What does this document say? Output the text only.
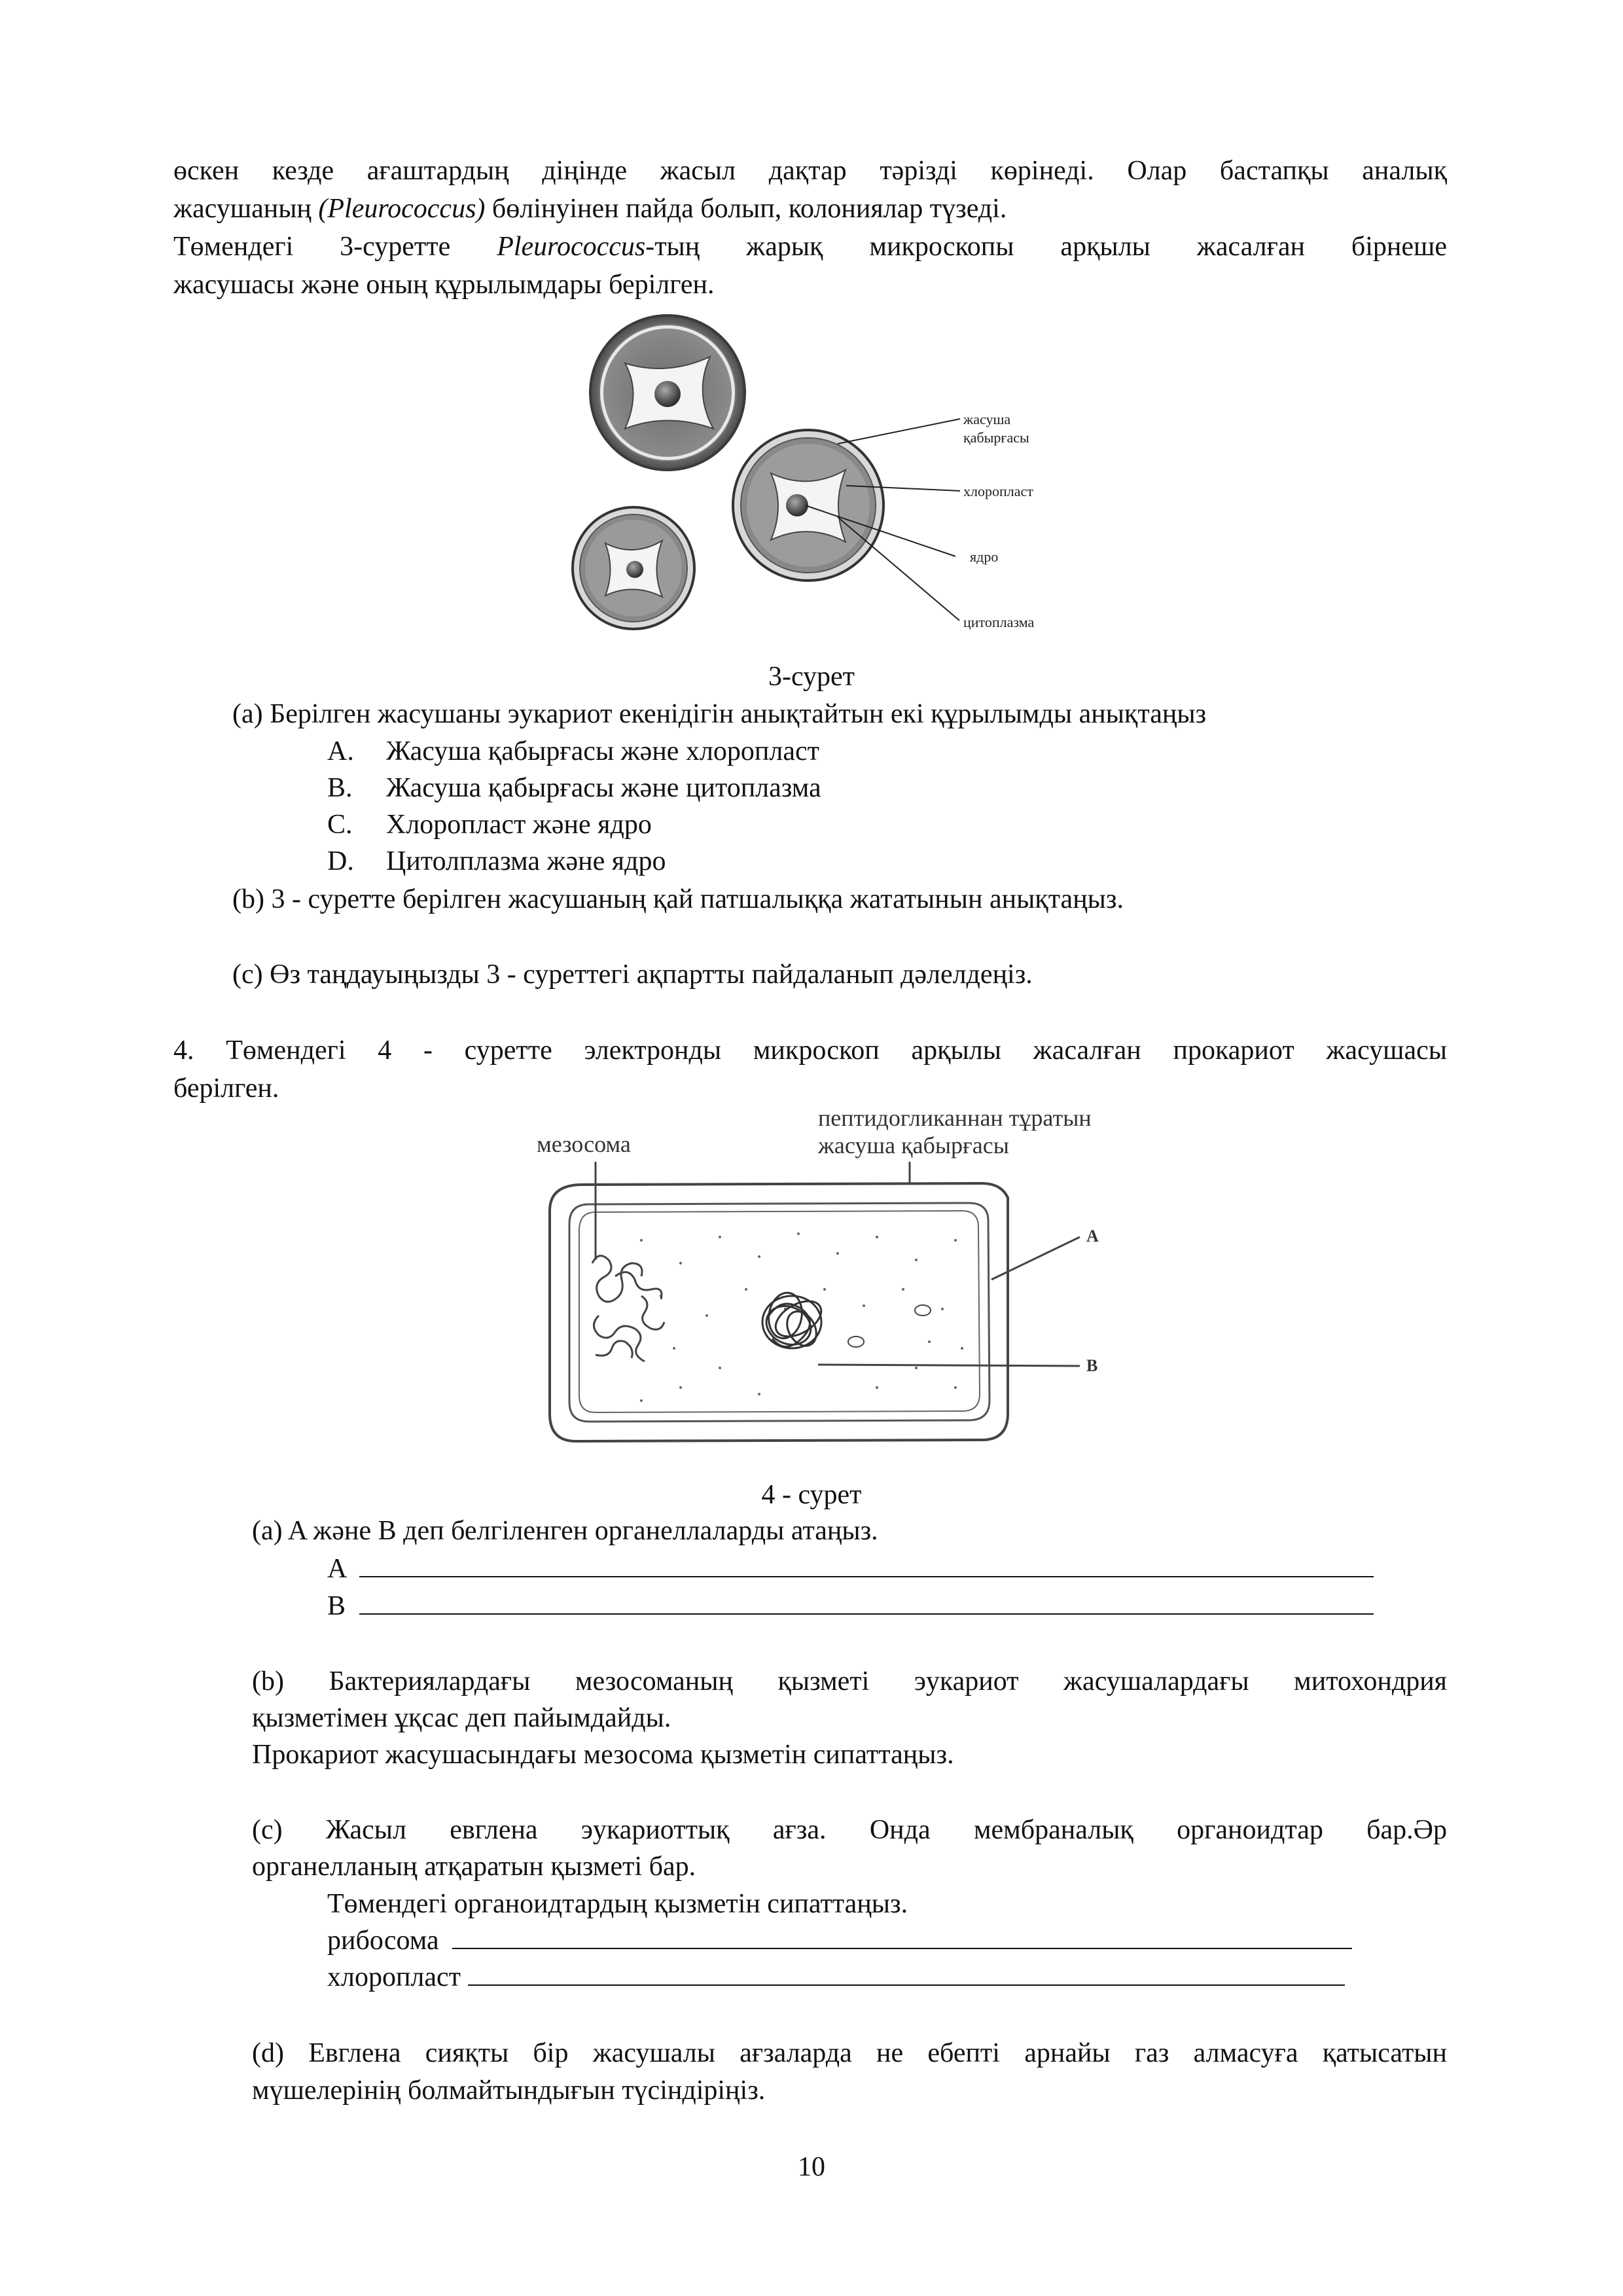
өскен кезде ағаштардың діңінде жасыл дақтар тәрізді көрінеді. Олар бастапқы аналық
жасушаның (Pleurococcus) бөлінуінен пайда болып, колониялар түзеді.
Төмендегі 3-суретте Pleurococcus-тың жарық микроскопы арқылы жасалған бірнеше
жасушасы және оның құрылымдары берілген.
жасуша
қабырғасы
хлоропласт
ядро
цитоплазма
3-сурет
(a) Берілген жасушаны эукариот екенідігін анықтайтын екі құрылымды анықтаңыз
A. Жасуша қабырғасы және хлоропласт
B. Жасуша қабырғасы және цитоплазма
C. Хлоропласт және ядро
D. Цитолплазма және ядро
(b) 3 - суретте берілген жасушаның қай патшалыққа жататынын анықтаңыз.
(c) Өз таңдауыңызды 3 - суреттегі ақпартты пайдаланып дәлелдеңіз.
4. Төмендегі 4 - суретте электронды микроскоп арқылы жасалған прокариот жасушасы
берілген.
мезосома
пептидогликаннан тұратын
жасуша қабырғасы
A
B
4 - сурет
(a) A және B деп белгіленген органеллаларды атаңыз.
A
B
(b) Бактериялардағы мезосоманың қызметі эукариот жасушалардағы митохондрия
қызметімен ұқсас деп пайымдайды.
Прокариот жасушасындағы мезосома қызметін сипаттаңыз.
(c) Жасыл евглена эукариоттық ағза. Онда мембраналық органоидтар бар.Әр
органелланың атқаратын қызметі бар.
Төмендегі органоидтардың қызметін сипаттаңыз.
рибосома
хлоропласт
(d) Евглена сияқты бір жасушалы ағзаларда не ебепті арнайы газ алмасуға қатысатын
мүшелерінің болмайтындығын түсіндіріңіз.
10
